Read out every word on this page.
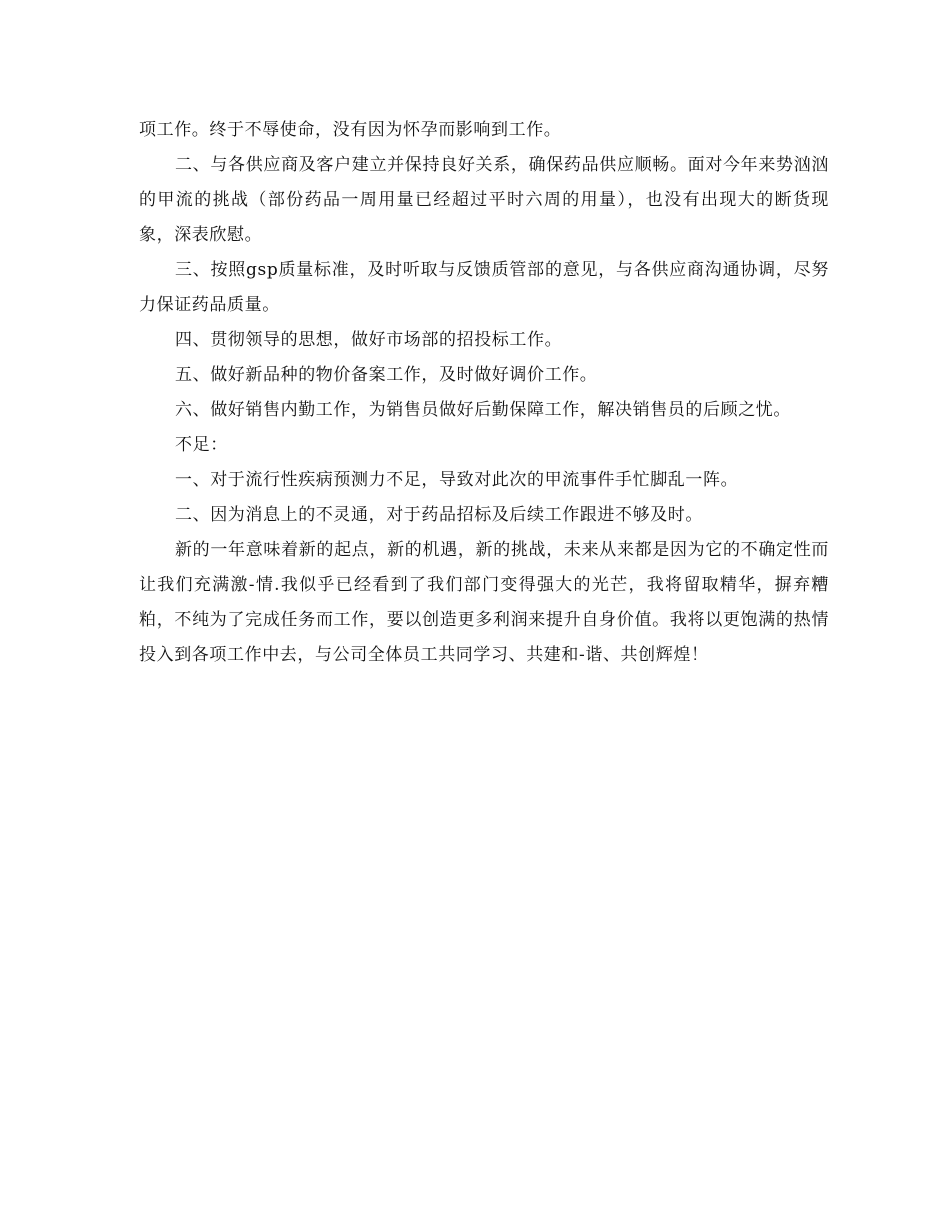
项工作。终于不辱使命，没有因为怀孕而影响到工作。

二、与各供应商及客户建立并保持良好关系，确保药品供应顺畅。面对今年来势汹汹的甲流的挑战（部份药品一周用量已经超过平时六周的用量），也没有出现大的断货现象，深表欣慰。

三、按照gsp质量标准，及时听取与反馈质管部的意见，与各供应商沟通协调，尽努力保证药品质量。

四、贯彻领导的思想，做好市场部的招投标工作。

五、做好新品种的物价备案工作，及时做好调价工作。

六、做好销售内勤工作，为销售员做好后勤保障工作，解决销售员的后顾之忧。

不足：

一、对于流行性疾病预测力不足，导致对此次的甲流事件手忙脚乱一阵。

二、因为消息上的不灵通，对于药品招标及后续工作跟进不够及时。

新的一年意味着新的起点，新的机遇，新的挑战，未来从来都是因为它的不确定性而让我们充满激-情.我似乎已经看到了我们部门变得强大的光芒，我将留取精华，摒弃糟粕，不纯为了完成任务而工作，要以创造更多利润来提升自身价值。我将以更饱满的热情投入到各项工作中去，与公司全体员工共同学习、共建和-谐、共创辉煌！
